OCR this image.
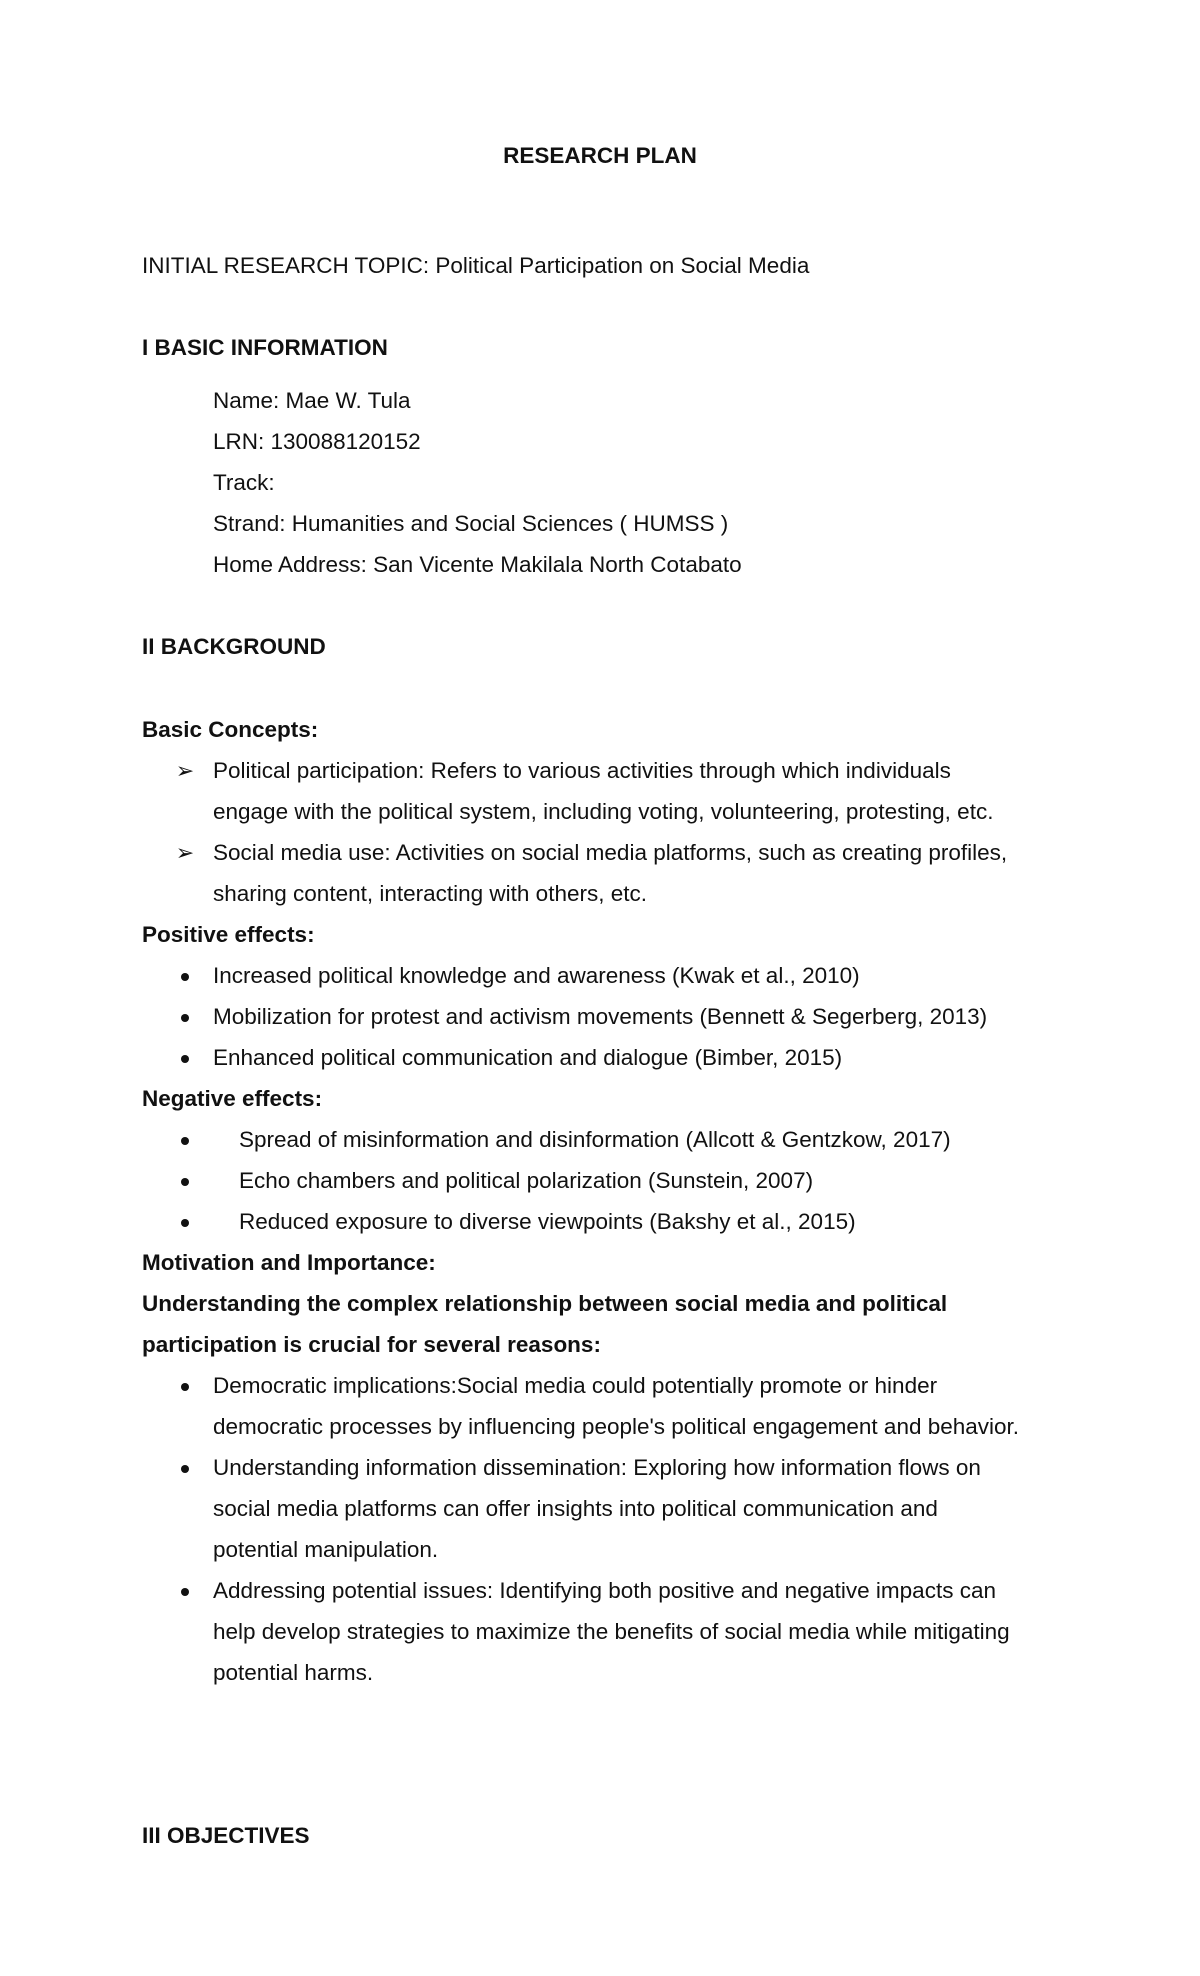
RESEARCH PLAN
INITIAL RESEARCH TOPIC: Political Participation on Social Media
I BASIC INFORMATION
Name: Mae W. Tula
LRN: 130088120152
Track:
Strand: Humanities and Social Sciences ( HUMSS )
Home Address: San Vicente Makilala North Cotabato
II BACKGROUND
Basic Concepts:
➢ Political participation: Refers to various activities through which individuals
engage with the political system, including voting, volunteering, protesting, etc.
➢ Social media use: Activities on social media platforms, such as creating profiles,
sharing content, interacting with others, etc.
Positive effects:
Increased political knowledge and awareness (Kwak et al., 2010)
Mobilization for protest and activism movements (Bennett & Segerberg, 2013)
Enhanced political communication and dialogue (Bimber, 2015)
Negative effects:
Spread of misinformation and disinformation (Allcott & Gentzkow, 2017)
Echo chambers and political polarization (Sunstein, 2007)
Reduced exposure to diverse viewpoints (Bakshy et al., 2015)
Motivation and Importance:
Understanding the complex relationship between social media and political
participation is crucial for several reasons:
Democratic implications:Social media could potentially promote or hinder
democratic processes by influencing people's political engagement and behavior.
Understanding information dissemination: Exploring how information flows on
social media platforms can offer insights into political communication and
potential manipulation.
Addressing potential issues: Identifying both positive and negative impacts can
help develop strategies to maximize the benefits of social media while mitigating
potential harms.
III OBJECTIVES
